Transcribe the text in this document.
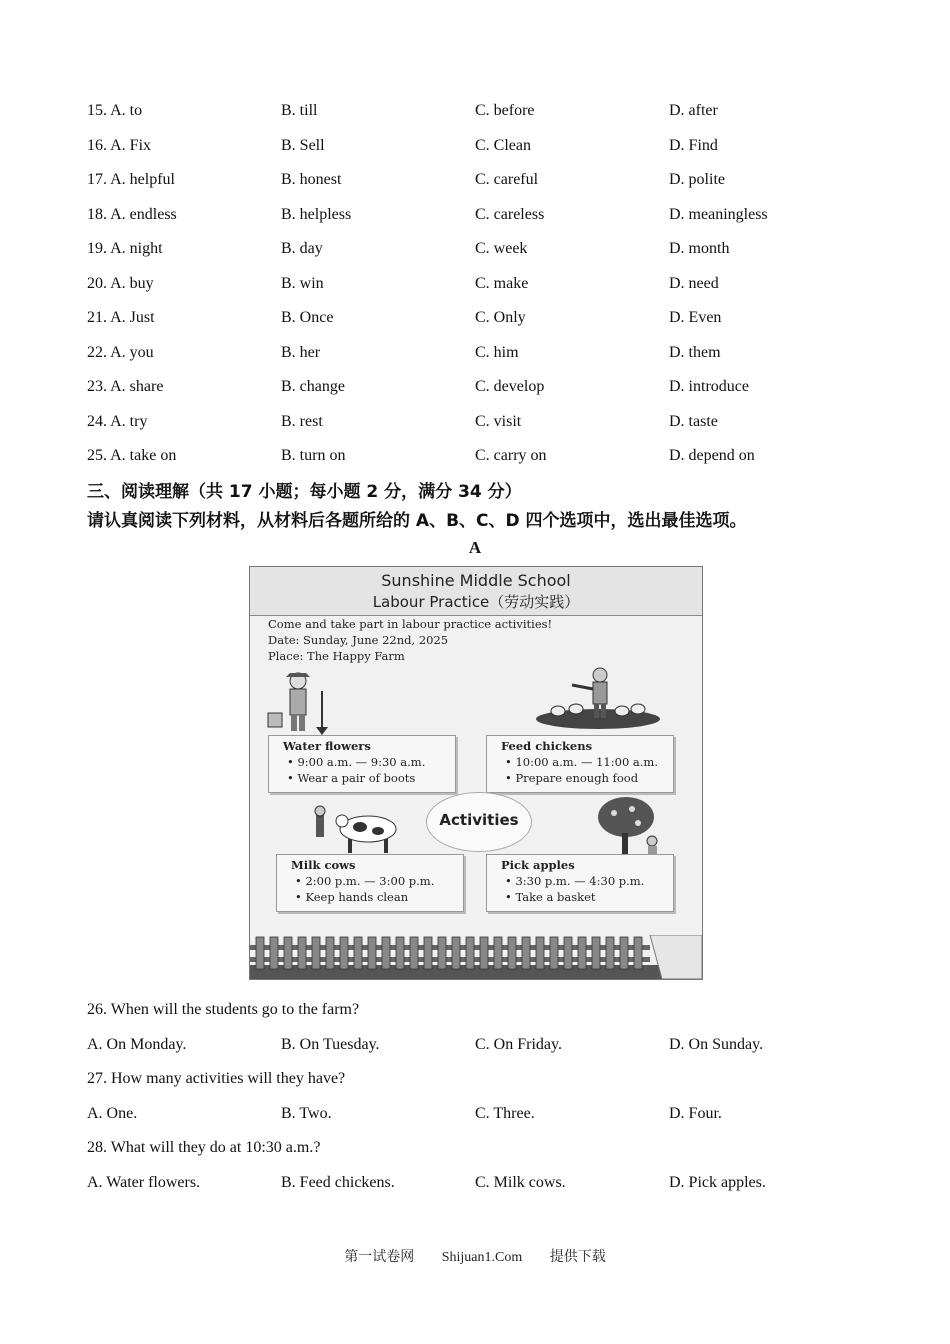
15. A. to	B. till	C. before	D. after
16. A. Fix	B. Sell	C. Clean	D. Find
17. A. helpful	B. honest	C. careful	D. polite
18. A. endless	B. helpless	C. careless	D. meaningless
19. A. night	B. day	C. week	D. month
20. A. buy	B. win	C. make	D. need
21. A. Just	B. Once	C. Only	D. Even
22. A. you	B. her	C. him	D. them
23. A. share	B. change	C. develop	D. introduce
24. A. try	B. rest	C. visit	D. taste
25. A. take on	B. turn on	C. carry on	D. depend on
三、阅读理解（共 17 小题；每小题 2 分，满分 34 分）
请认真阅读下列材料，从材料后各题所给的 A、B、C、D 四个选项中，选出最佳选项。
A
Sunshine Middle School
Labour Practice（劳动实践）
Come and take part in labour practice activities!
Date: Sunday, June 22nd, 2025
Place: The Happy Farm
Water flowers
• 9:00 a.m. — 9:30 a.m.
• Wear a pair of boots
Feed chickens
• 10:00 a.m. — 11:00 a.m.
• Prepare enough food
Activities
Milk cows
• 2:00 p.m. — 3:00 p.m.
• Keep hands clean
Pick apples
• 3:30 p.m. — 4:30 p.m.
• Take a basket
26. When will the students go to the farm?
A. On Monday.	B. On Tuesday.	C. On Friday.	D. On Sunday.
27. How many activities will they have?
A. One.	B. Two.	C. Three.	D. Four.
28. What will they do at 10:30 a.m.?
A. Water flowers.	B. Feed chickens.	C. Milk cows.	D. Pick apples.
第一试卷网 Shijuan1.Com 提供下载
